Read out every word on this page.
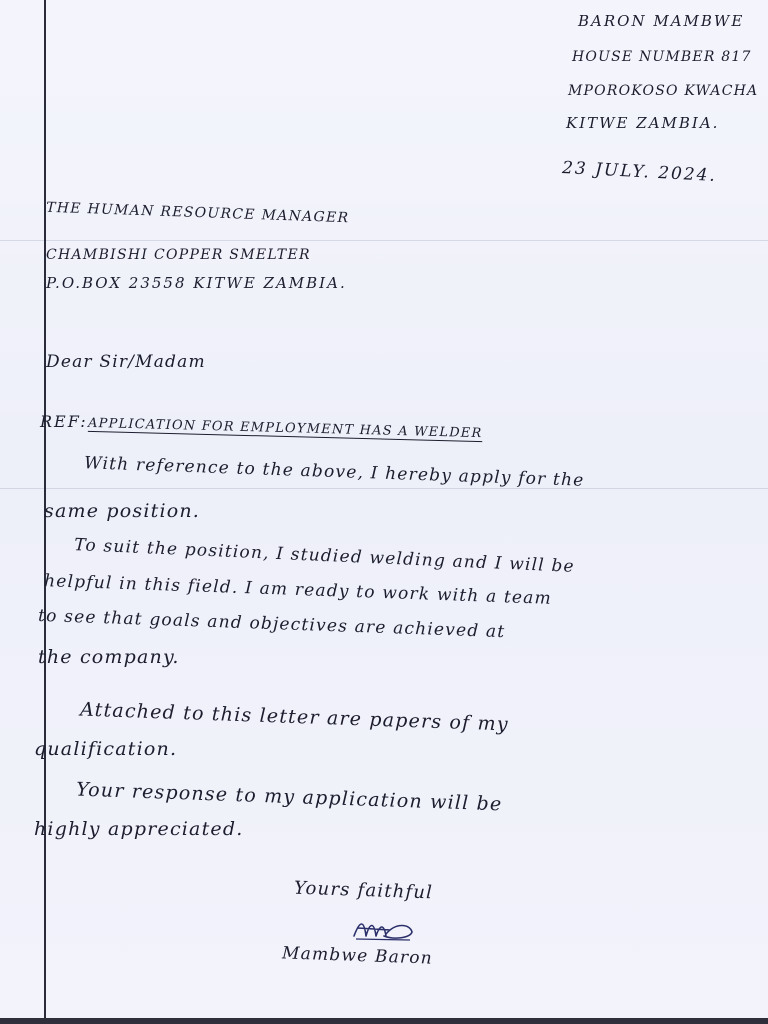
BARON MAMBWE
HOUSE NUMBER 817
MPOROKOSO KWACHA
KITWE ZAMBIA.
23 JULY. 2024.
THE HUMAN RESOURCE MANAGER
CHAMBISHI COPPER SMELTER
P.O.BOX 23558 KITWE ZAMBIA.
Dear Sir/Madam
REF: APPLICATION FOR EMPLOYMENT HAS A WELDER
With reference to the above, I hereby apply for the
same position.
To suit the position, I studied welding and I will be
helpful in this field. I am ready to work with a team
to see that goals and objectives are achieved at
the company.
Attached to this letter are papers of my
qualification.
Your response to my application will be
highly appreciated.
Yours faithful
Mambwe Baron
